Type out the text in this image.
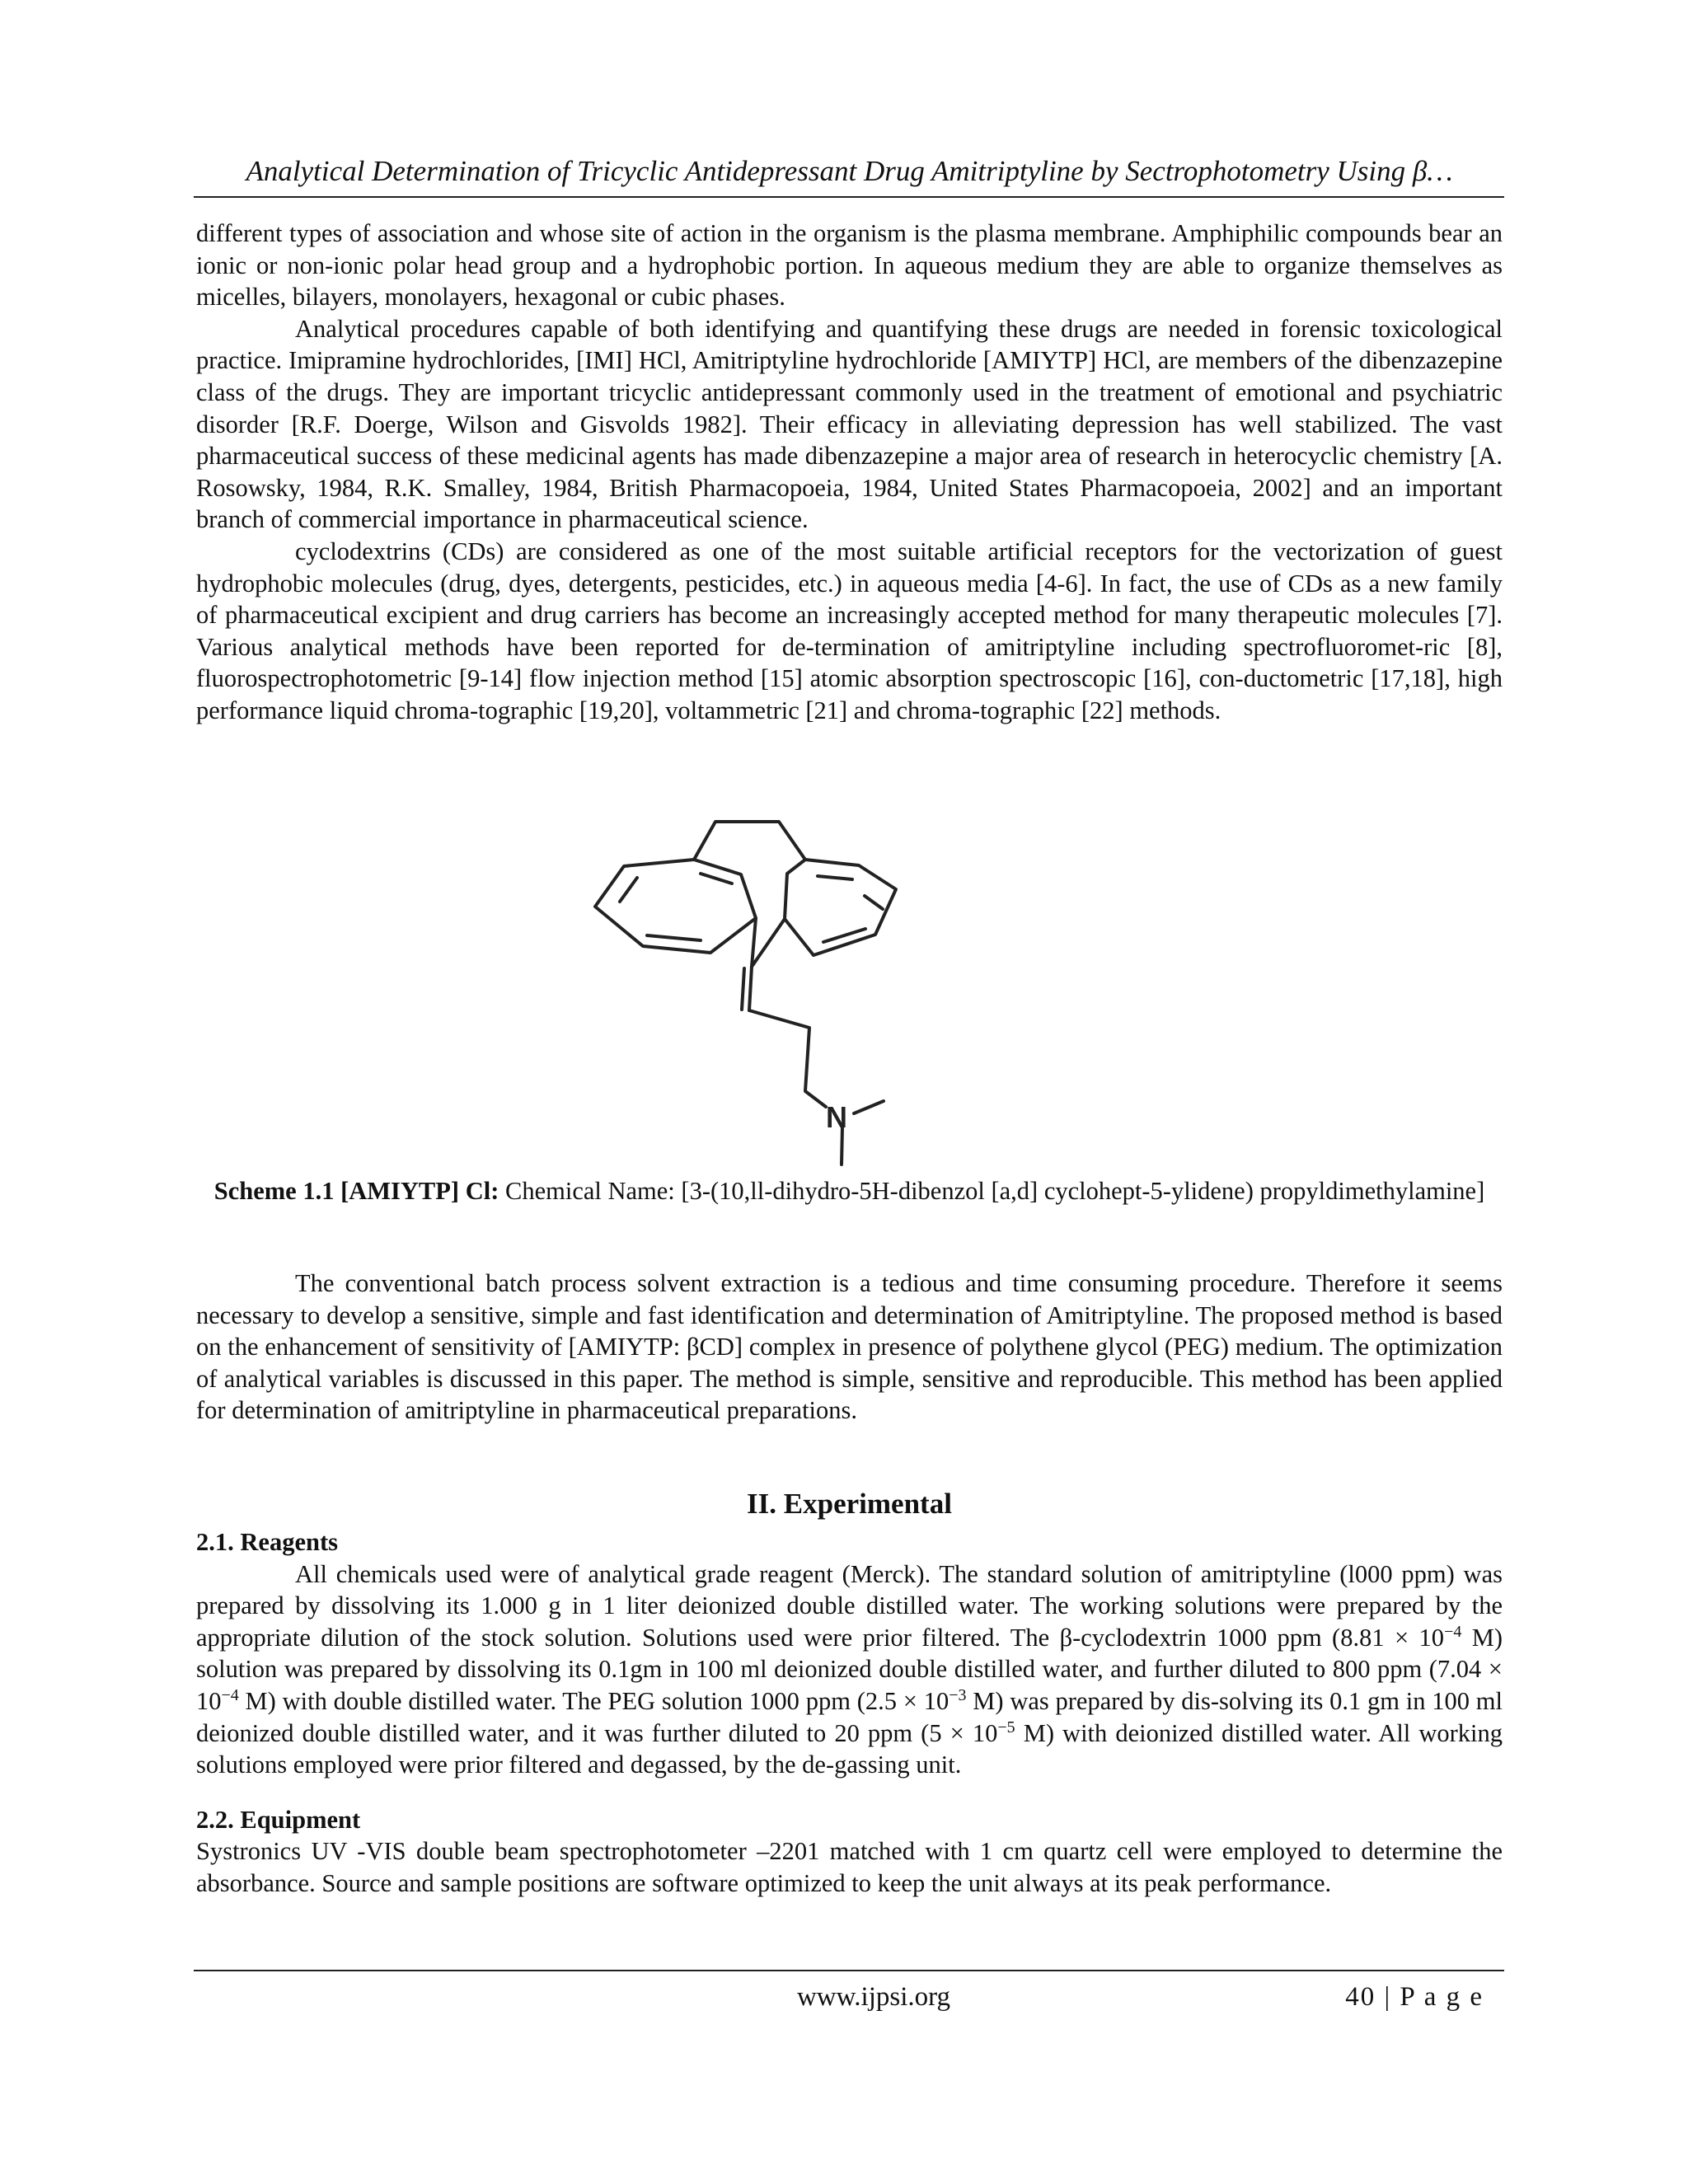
Analytical Determination of Tricyclic Antidepressant Drug Amitriptyline by Sectrophotometry Using β…

different types of association and whose site of action in the organism is the plasma membrane. Amphiphilic compounds bear an ionic or non-ionic polar head group and a hydrophobic portion. In aqueous medium they are able to organize themselves as micelles, bilayers, monolayers, hexagonal or cubic phases.

Analytical procedures capable of both identifying and quantifying these drugs are needed in forensic toxicological practice. Imipramine hydrochlorides, [IMI] HCl, Amitriptyline hydrochloride [AMIYTP] HCl, are members of the dibenzazepine class of the drugs. They are important tricyclic antidepressant commonly used in the treatment of emotional and psychiatric disorder [R.F. Doerge, Wilson and Gisvolds 1982]. Their efficacy in alleviating depression has well stabilized. The vast pharmaceutical success of these medicinal agents has made dibenzazepine a major area of research in heterocyclic chemistry [A. Rosowsky, 1984, R.K. Smalley, 1984, British Pharmacopoeia, 1984, United States Pharmacopoeia, 2002] and an important branch of commercial importance in pharmaceutical science.

cyclodextrins (CDs) are considered as one of the most suitable artificial receptors for the vectorization of guest hydrophobic molecules (drug, dyes, detergents, pesticides, etc.) in aqueous media [4-6]. In fact, the use of CDs as a new family of pharmaceutical excipient and drug carriers has become an increasingly accepted method for many therapeutic molecules [7]. Various analytical methods have been reported for de-termination of amitriptyline including spectrofluoromet-ric [8], fluorospectrophotometric [9-14] flow injection method [15] atomic absorption spectroscopic [16], con-ductometric [17,18], high performance liquid chroma-tographic [19,20], voltammetric [21] and chroma-tographic [22] methods.

N
Scheme 1.1 [AMIYTP] Cl: Chemical Name: [3-(10,ll-dihydro-5H-dibenzol [a,d] cyclohept-5-ylidene) propyldimethylamine]

The conventional batch process solvent extraction is a tedious and time consuming procedure. Therefore it seems necessary to develop a sensitive, simple and fast identification and determination of Amitriptyline. The proposed method is based on the enhancement of sensitivity of [AMIYTP: βCD] complex in presence of polythene glycol (PEG) medium. The optimization of analytical variables is discussed in this paper. The method is simple, sensitive and reproducible. This method has been applied for determination of amitriptyline in pharmaceutical preparations.

II. Experimental

2.1. Reagents

All chemicals used were of analytical grade reagent (Merck). The standard solution of amitriptyline (l000 ppm) was prepared by dissolving its 1.000 g in 1 liter deionized double distilled water. The working solutions were prepared by the appropriate dilution of the stock solution. Solutions used were prior filtered. The β-cyclodextrin 1000 ppm ($8.81 \times 10^{-4}$ M) solution was prepared by dissolving its 0.1gm in 100 ml deionized double distilled water, and further diluted to 800 ppm ($7.04 \times 10^{-4}$ M) with double distilled water. The PEG solution 1000 ppm ($2.5 \times 10^{-3}$ M) was prepared by dis-solving its 0.1 gm in 100 ml deionized double distilled water, and it was further diluted to 20 ppm ($5 \times 10^{-5}$ M) with deionized distilled water. All working solutions employed were prior filtered and degassed, by the de-gassing unit.

2.2. Equipment

Systronics UV -VIS double beam spectrophotometer –2201 matched with 1 cm quartz cell were employed to determine the absorbance. Source and sample positions are software optimized to keep the unit always at its peak performance.

www.ijpsi.org	40 | P a g e
